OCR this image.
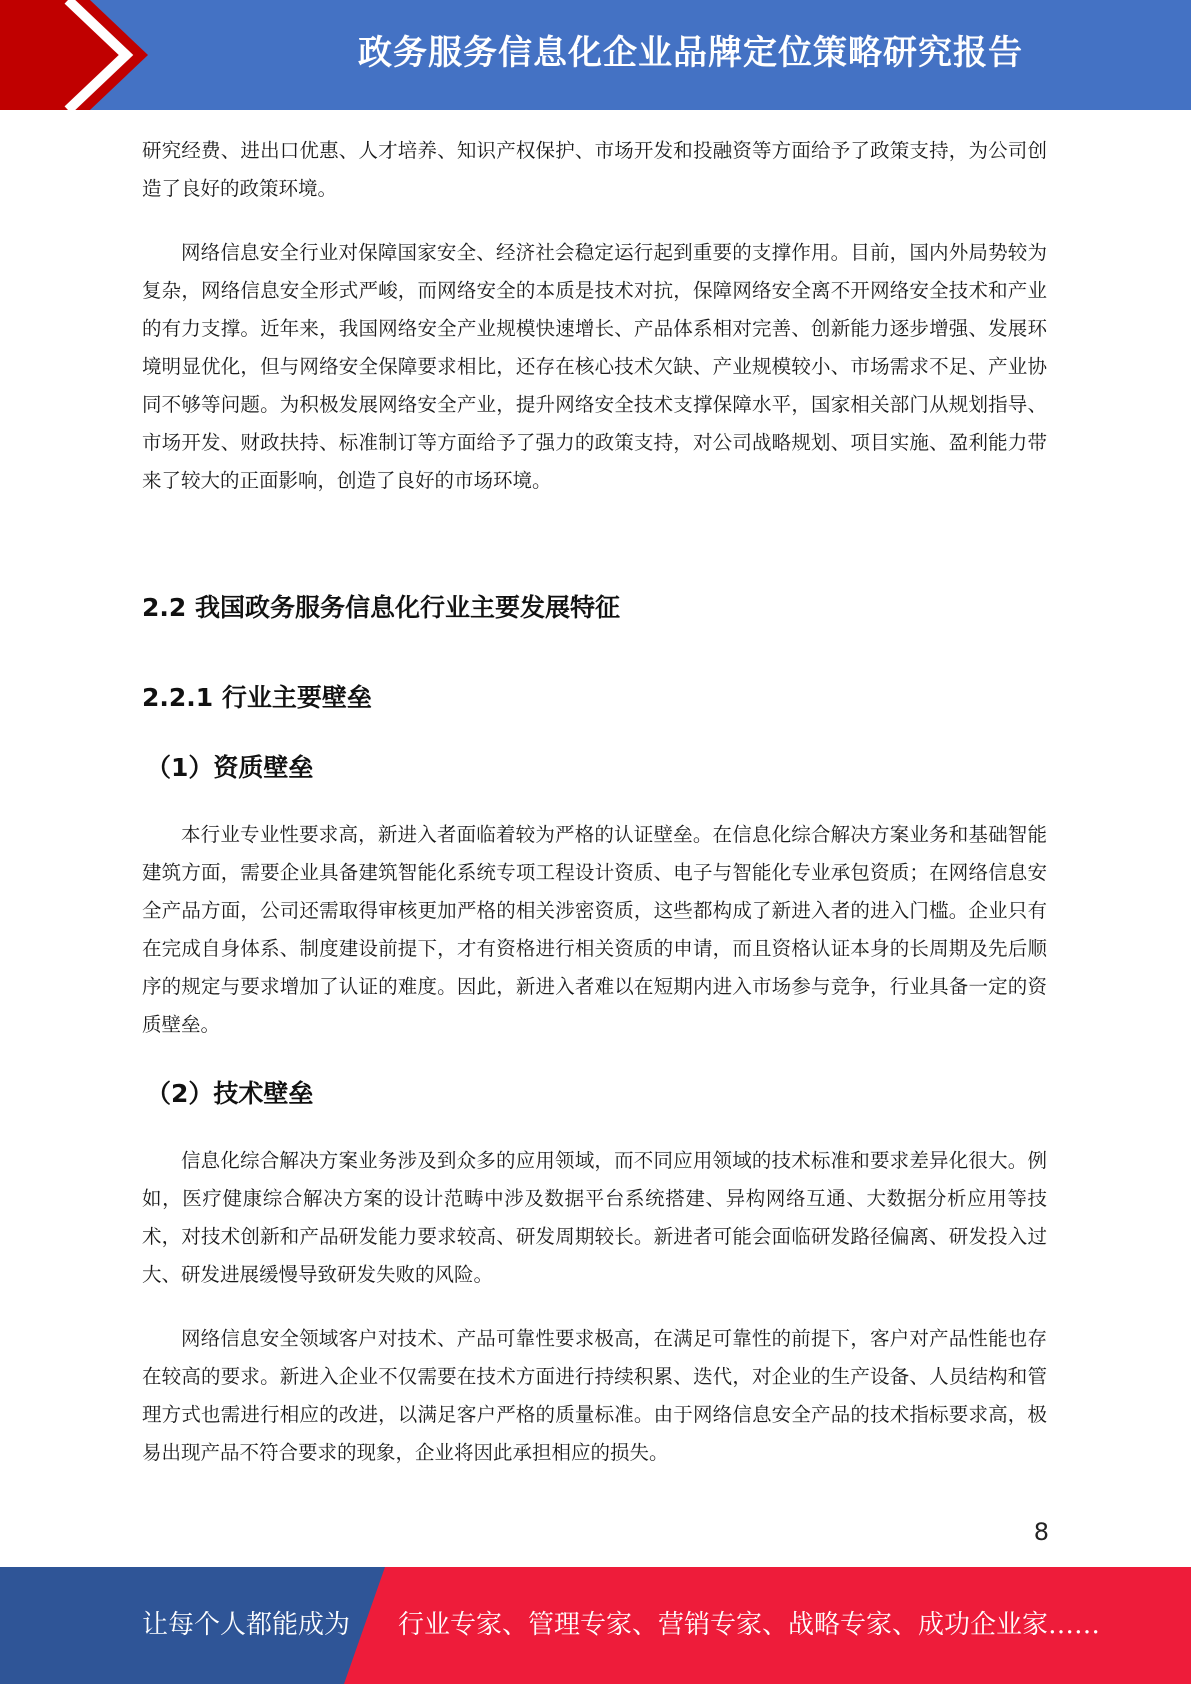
政务服务信息化企业品牌定位策略研究报告

研究经费、进出口优惠、人才培养、知识产权保护、市场开发和投融资等方面给予了政策支持，为公司创造了良好的政策环境。

网络信息安全行业对保障国家安全、经济社会稳定运行起到重要的支撑作用。目前，国内外局势较为复杂，网络信息安全形式严峻，而网络安全的本质是技术对抗，保障网络安全离不开网络安全技术和产业的有力支撑。近年来，我国网络安全产业规模快速增长、产品体系相对完善、创新能力逐步增强、发展环境明显优化，但与网络安全保障要求相比，还存在核心技术欠缺、产业规模较小、市场需求不足、产业协同不够等问题。为积极发展网络安全产业，提升网络安全技术支撑保障水平，国家相关部门从规划指导、市场开发、财政扶持、标准制订等方面给予了强力的政策支持，对公司战略规划、项目实施、盈利能力带来了较大的正面影响，创造了良好的市场环境。

2.2 我国政务服务信息化行业主要发展特征
2.2.1 行业主要壁垒
（1）资质壁垒

本行业专业性要求高，新进入者面临着较为严格的认证壁垒。在信息化综合解决方案业务和基础智能建筑方面，需要企业具备建筑智能化系统专项工程设计资质、电子与智能化专业承包资质；在网络信息安全产品方面，公司还需取得审核更加严格的相关涉密资质，这些都构成了新进入者的进入门槛。企业只有在完成自身体系、制度建设前提下，才有资格进行相关资质的申请，而且资格认证本身的长周期及先后顺序的规定与要求增加了认证的难度。因此，新进入者难以在短期内进入市场参与竞争，行业具备一定的资质壁垒。

（2）技术壁垒

信息化综合解决方案业务涉及到众多的应用领域，而不同应用领域的技术标准和要求差异化很大。例如，医疗健康综合解决方案的设计范畴中涉及数据平台系统搭建、异构网络互通、大数据分析应用等技术，对技术创新和产品研发能力要求较高、研发周期较长。新进者可能会面临研发路径偏离、研发投入过大、研发进展缓慢导致研发失败的风险。

网络信息安全领域客户对技术、产品可靠性要求极高，在满足可靠性的前提下，客户对产品性能也存在较高的要求。新进入企业不仅需要在技术方面进行持续积累、迭代，对企业的生产设备、人员结构和管理方式也需进行相应的改进，以满足客户严格的质量标准。由于网络信息安全产品的技术指标要求高，极易出现产品不符合要求的现象，企业将因此承担相应的损失。

8
让每个人都能成为 行业专家、管理专家、营销专家、战略专家、成功企业家……
